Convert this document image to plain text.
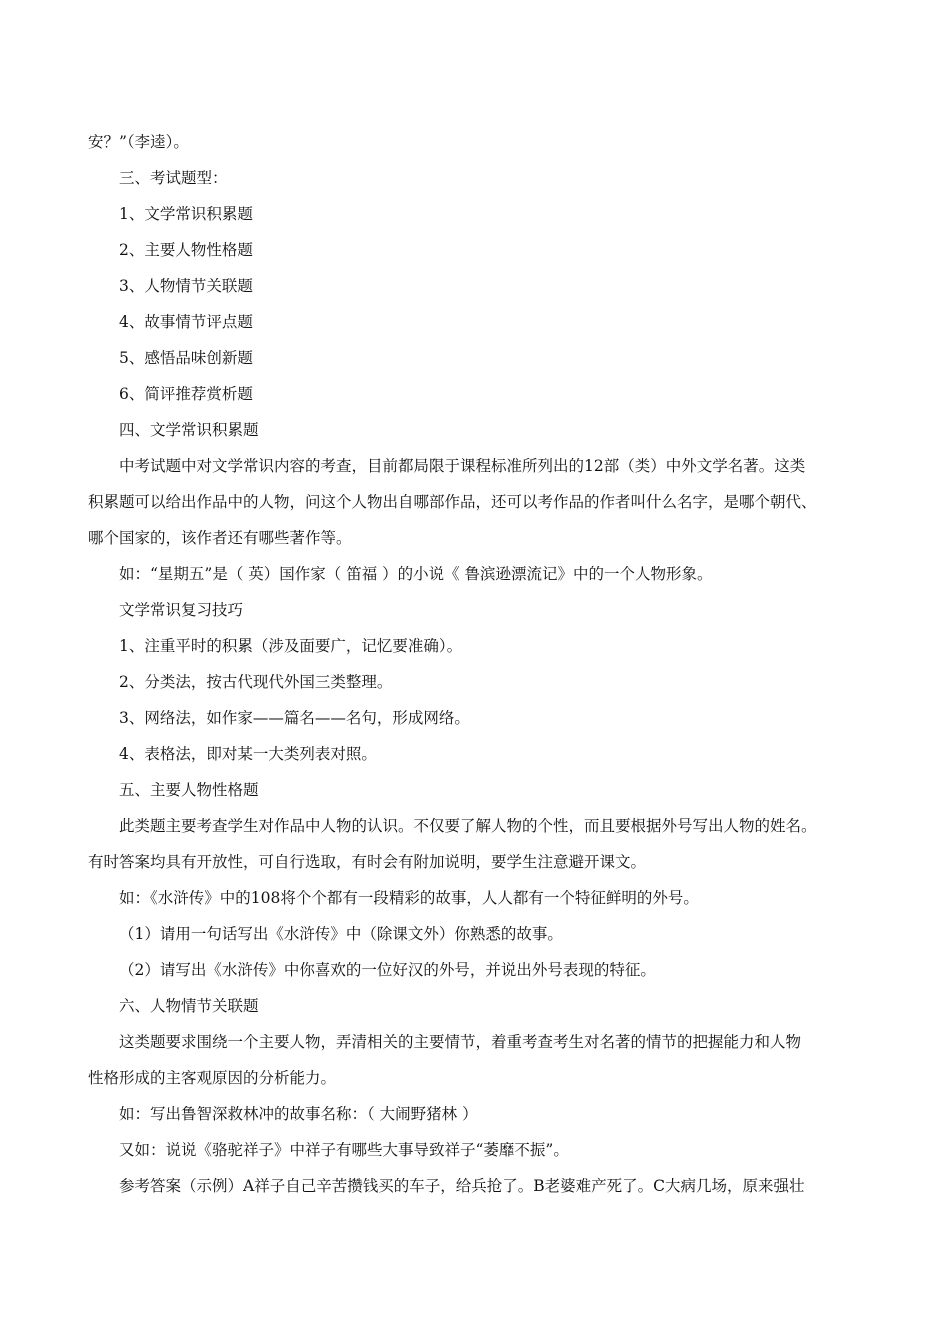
安？”（李逵）。
三、考试题型：
1、文学常识积累题
2、主要人物性格题
3、人物情节关联题
4、故事情节评点题
5、感悟品味创新题
6、简评推荐赏析题
四、文学常识积累题
中考试题中对文学常识内容的考查，目前都局限于课程标准所列出的12部（类）中外文学名著。这类
积累题可以给出作品中的人物，问这个人物出自哪部作品，还可以考作品的作者叫什么名字，是哪个朝代、
哪个国家的，该作者还有哪些著作等。
如：“星期五”是（ 英）国作家（ 笛福 ）的小说《 鲁滨逊漂流记》中的一个人物形象。
文学常识复习技巧
1、注重平时的积累（涉及面要广，记忆要准确）。
2、分类法，按古代现代外国三类整理。
3、网络法，如作家——篇名——名句，形成网络。
4、表格法，即对某一大类列表对照。
五、主要人物性格题
此类题主要考查学生对作品中人物的认识。不仅要了解人物的个性，而且要根据外号写出人物的姓名。
有时答案均具有开放性，可自行选取，有时会有附加说明，要学生注意避开课文。
如：《水浒传》中的108将个个都有一段精彩的故事，人人都有一个特征鲜明的外号。
（1）请用一句话写出《水浒传》中（除课文外）你熟悉的故事。
（2）请写出《水浒传》中你喜欢的一位好汉的外号，并说出外号表现的特征。
六、人物情节关联题
这类题要求围绕一个主要人物，弄清相关的主要情节，着重考查考生对名著的情节的把握能力和人物
性格形成的主客观原因的分析能力。
如：写出鲁智深救林冲的故事名称：（ 大闹野猪林 ）
又如：说说《骆驼祥子》中祥子有哪些大事导致祥子“萎靡不振”。
参考答案（示例）A祥子自己辛苦攒钱买的车子，给兵抢了。B老婆难产死了。C大病几场，原来强壮
